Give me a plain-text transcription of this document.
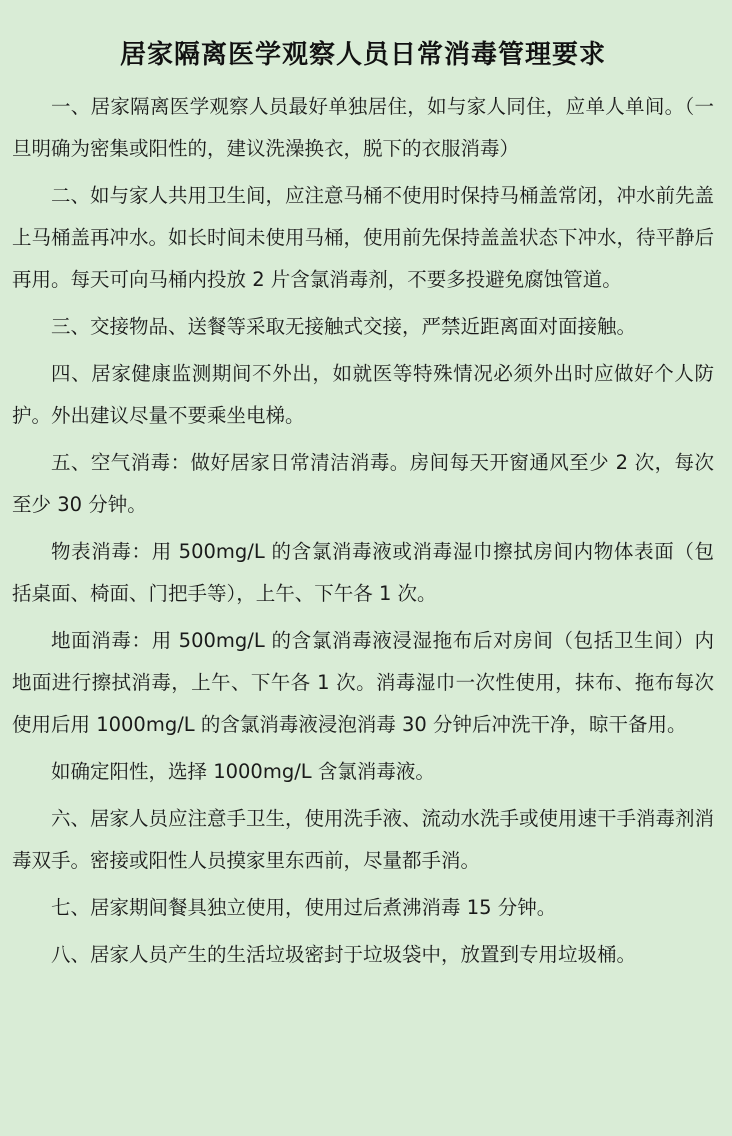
居家隔离医学观察人员日常消毒管理要求

一、居家隔离医学观察人员最好单独居住，如与家人同住，应单人单间。（一旦明确为密集或阳性的，建议洗澡换衣，脱下的衣服消毒）

二、如与家人共用卫生间，应注意马桶不使用时保持马桶盖常闭，冲水前先盖上马桶盖再冲水。如长时间未使用马桶，使用前先保持盖盖状态下冲水，待平静后再用。每天可向马桶内投放 2 片含氯消毒剂，不要多投避免腐蚀管道。

三、交接物品、送餐等采取无接触式交接，严禁近距离面对面接触。

四、居家健康监测期间不外出，如就医等特殊情况必须外出时应做好个人防护。外出建议尽量不要乘坐电梯。

五、空气消毒：做好居家日常清洁消毒。房间每天开窗通风至少 2 次，每次至少 30 分钟。

物表消毒：用 500mg/L 的含氯消毒液或消毒湿巾擦拭房间内物体表面（包括桌面、椅面、门把手等），上午、下午各 1 次。

地面消毒：用 500mg/L 的含氯消毒液浸湿拖布后对房间（包括卫生间）内地面进行擦拭消毒，上午、下午各 1 次。消毒湿巾一次性使用，抹布、拖布每次使用后用 1000mg/L 的含氯消毒液浸泡消毒 30 分钟后冲洗干净，晾干备用。

如确定阳性，选择 1000mg/L 含氯消毒液。

六、居家人员应注意手卫生，使用洗手液、流动水洗手或使用速干手消毒剂消毒双手。密接或阳性人员摸家里东西前，尽量都手消。

七、居家期间餐具独立使用，使用过后煮沸消毒 15 分钟。

八、居家人员产生的生活垃圾密封于垃圾袋中，放置到专用垃圾桶。
